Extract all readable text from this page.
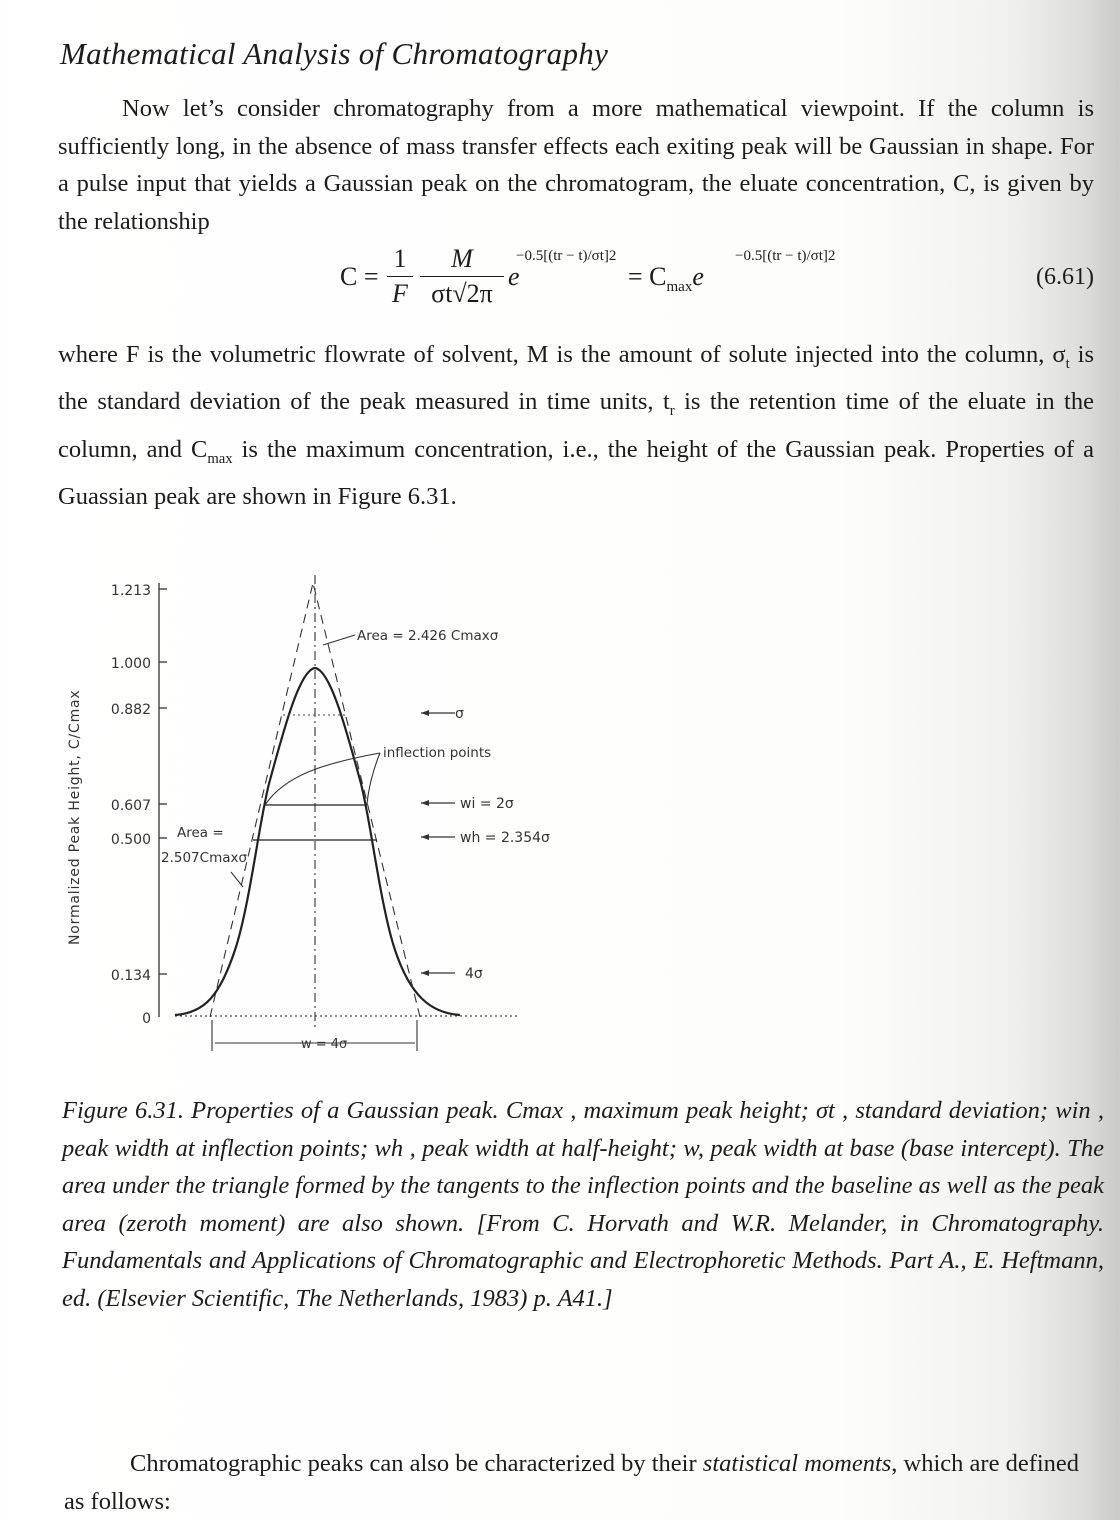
Mathematical Analysis of Chromatography
Now let’s consider chromatography from a more mathematical viewpoint. If the column is sufficiently long, in the absence of mass transfer effects each exiting peak will be Gaussian in shape. For a pulse input that yields a Gaussian peak on the chromatogram, the eluate concentration, C, is given by the relationship
$C = \frac{1}{F} \frac{M}{\sigma t√2\pi}$ e
−0.5[(tr − t)/σt]2
= $C_{max}e$
−0.5[(tr − t)/σt]2
(6.61)
where F is the volumetric flowrate of solvent, M is the amount of solute injected into the column, $\sigma_t$ is the standard deviation of the peak measured in time units, $t_r$ is the retention time of the eluate in the column, and $C_{max}$ is the maximum concentration, i.e., the height of the Gaussian peak. Properties of a Guassian peak are shown in Figure 6.31.
Normalized Peak Height, C/Cmax
1.213
1.000
0.882
0.607
0.500
0.134
0
Area = 2.426 Cmaxσ
σ
inflection points
wi = 2σ
wh = 2.354σ
4σ
Area =
2.507Cmaxσ
w = 4σ
Figure 6.31. Properties of a Gaussian peak. Cmax , maximum peak height; σt , standard deviation; win , peak width at inflection points; wh , peak width at half-height; w, peak width at base (base intercept). The area under the triangle formed by the tangents to the inflection points and the baseline as well as the peak area (zeroth moment) are also shown. [From C. Horvath and W.R. Melander, in Chromatography. Fundamentals and Applications of Chromatographic and Electrophoretic Methods. Part A., E. Heftmann, ed. (Elsevier Scientific, The Netherlands, 1983) p. A41.]
Chromatographic peaks can also be characterized by their statistical moments, which are defined as follows:
